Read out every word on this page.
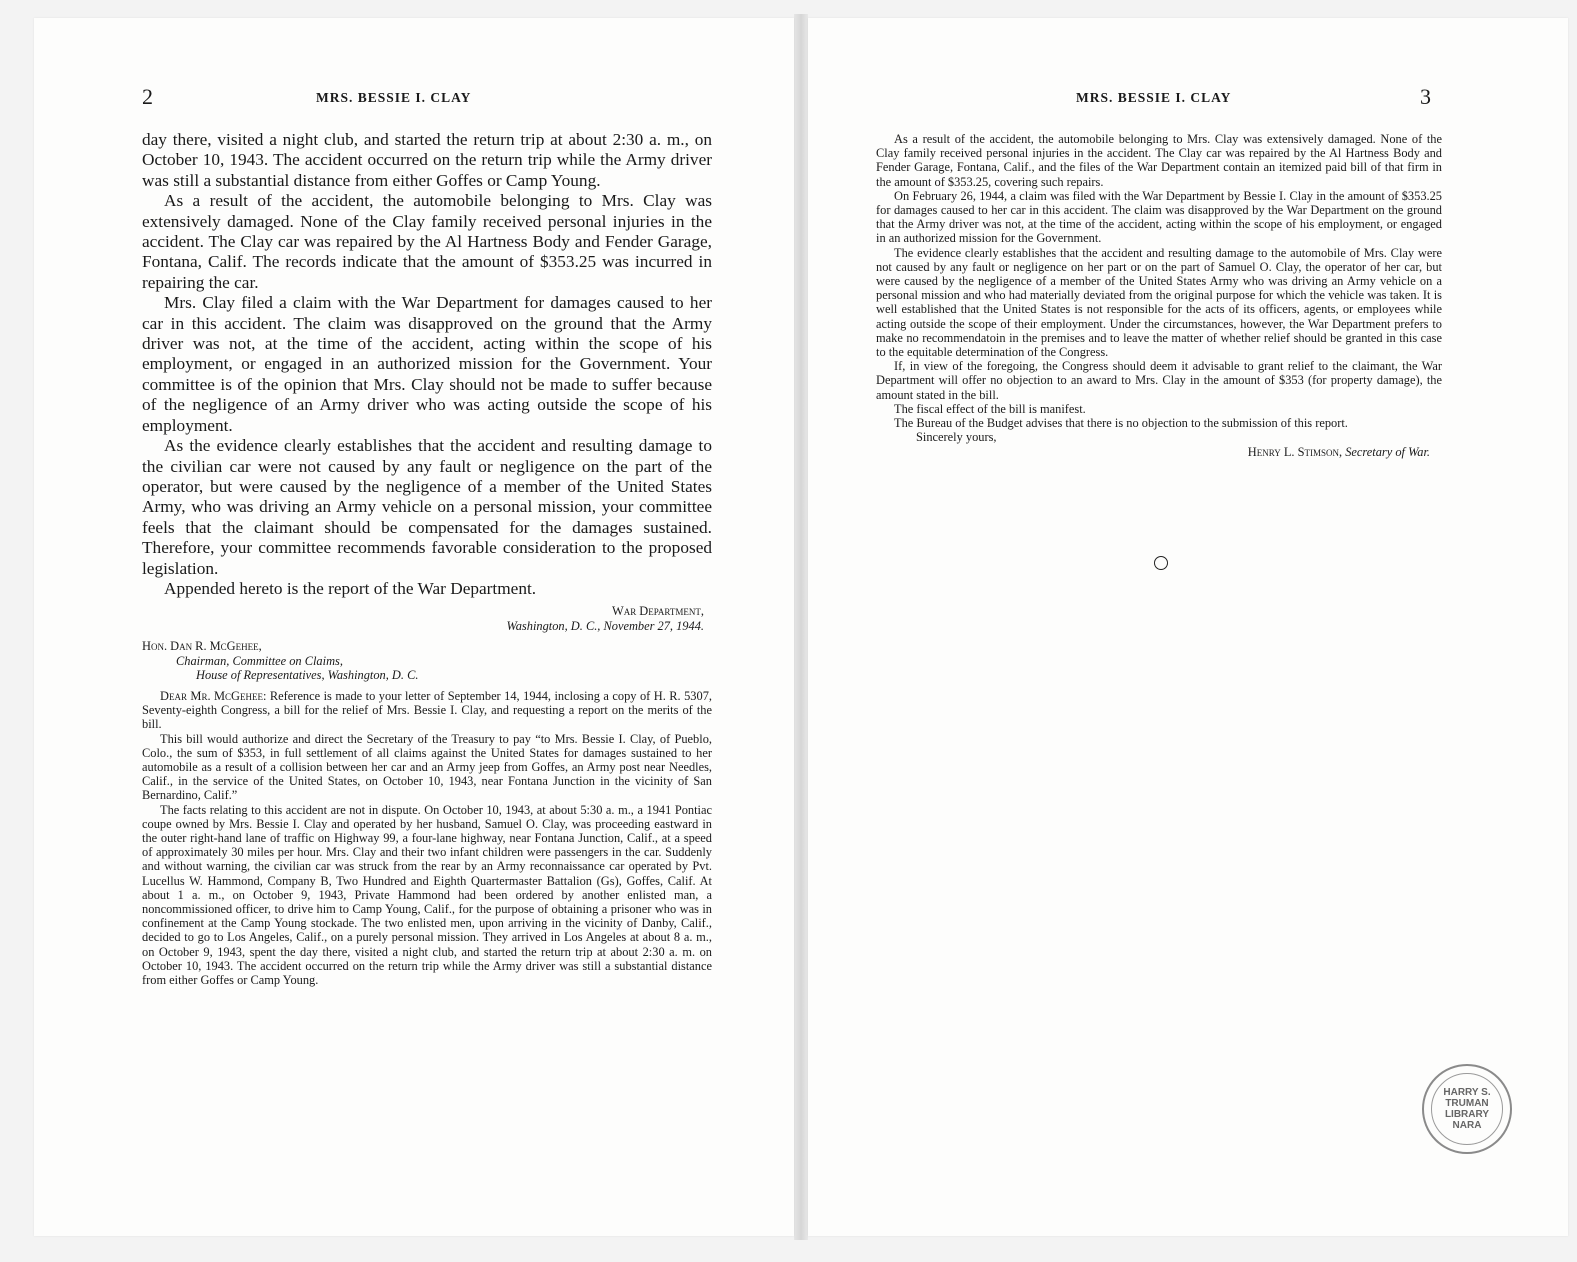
2	MRS. BESSIE I. CLAY

day there, visited a night club, and started the return trip at about 2:30 a. m., on October 10, 1943. The accident occurred on the return trip while the Army driver was still a substantial distance from either Goffes or Camp Young.

As a result of the accident, the automobile belonging to Mrs. Clay was extensively damaged. None of the Clay family received personal injuries in the accident. The Clay car was repaired by the Al Hartness Body and Fender Garage, Fontana, Calif. The records indicate that the amount of $353.25 was incurred in repairing the car.

Mrs. Clay filed a claim with the War Department for damages caused to her car in this accident. The claim was disapproved on the ground that the Army driver was not, at the time of the accident, acting within the scope of his employment, or engaged in an authorized mission for the Government. Your committee is of the opinion that Mrs. Clay should not be made to suffer because of the negligence of an Army driver who was acting outside the scope of his employment.

As the evidence clearly establishes that the accident and resulting damage to the civilian car were not caused by any fault or negligence on the part of the operator, but were caused by the negligence of a member of the United States Army, who was driving an Army vehicle on a personal mission, your committee feels that the claimant should be compensated for the damages sustained. Therefore, your committee recommends favorable consideration to the proposed legislation.

Appended hereto is the report of the War Department.

War Department,
Washington, D. C., November 27, 1944.
Hon. Dan R. McGehee,
Chairman, Committee on Claims,
House of Representatives, Washington, D. C.

Dear Mr. McGehee: Reference is made to your letter of September 14, 1944, inclosing a copy of H. R. 5307, Seventy-eighth Congress, a bill for the relief of Mrs. Bessie I. Clay, and requesting a report on the merits of the bill.

This bill would authorize and direct the Secretary of the Treasury to pay “to Mrs. Bessie I. Clay, of Pueblo, Colo., the sum of $353, in full settlement of all claims against the United States for damages sustained to her automobile as a result of a collision between her car and an Army jeep from Goffes, an Army post near Needles, Calif., in the service of the United States, on October 10, 1943, near Fontana Junction in the vicinity of San Bernardino, Calif.”

The facts relating to this accident are not in dispute. On October 10, 1943, at about 5:30 a. m., a 1941 Pontiac coupe owned by Mrs. Bessie I. Clay and operated by her husband, Samuel O. Clay, was proceeding eastward in the outer right-hand lane of traffic on Highway 99, a four-lane highway, near Fontana Junction, Calif., at a speed of approximately 30 miles per hour. Mrs. Clay and their two infant children were passengers in the car. Suddenly and without warning, the civilian car was struck from the rear by an Army reconnaissance car operated by Pvt. Lucellus W. Hammond, Company B, Two Hundred and Eighth Quartermaster Battalion (Gs), Goffes, Calif. At about 1 a. m., on October 9, 1943, Private Hammond had been ordered by another enlisted man, a noncommissioned officer, to drive him to Camp Young, Calif., for the purpose of obtaining a prisoner who was in confinement at the Camp Young stockade. The two enlisted men, upon arriving in the vicinity of Danby, Calif., decided to go to Los Angeles, Calif., on a purely personal mission. They arrived in Los Angeles at about 8 a. m., on October 9, 1943, spent the day there, visited a night club, and started the return trip at about 2:30 a. m. on October 10, 1943. The accident occurred on the return trip while the Army driver was still a substantial distance from either Goffes or Camp Young.

MRS. BESSIE I. CLAY	3

As a result of the accident, the automobile belonging to Mrs. Clay was extensively damaged. None of the Clay family received personal injuries in the accident. The Clay car was repaired by the Al Hartness Body and Fender Garage, Fontana, Calif., and the files of the War Department contain an itemized paid bill of that firm in the amount of $353.25, covering such repairs.

On February 26, 1944, a claim was filed with the War Department by Bessie I. Clay in the amount of $353.25 for damages caused to her car in this accident. The claim was disapproved by the War Department on the ground that the Army driver was not, at the time of the accident, acting within the scope of his employment, or engaged in an authorized mission for the Government.

The evidence clearly establishes that the accident and resulting damage to the automobile of Mrs. Clay were not caused by any fault or negligence on her part or on the part of Samuel O. Clay, the operator of her car, but were caused by the negligence of a member of the United States Army who was driving an Army vehicle on a personal mission and who had materially deviated from the original purpose for which the vehicle was taken. It is well established that the United States is not responsible for the acts of its officers, agents, or employees while acting outside the scope of their employment. Under the circumstances, however, the War Department prefers to make no recommendatoin in the premises and to leave the matter of whether relief should be granted in this case to the equitable determination of the Congress.

If, in view of the foregoing, the Congress should deem it advisable to grant relief to the claimant, the War Department will offer no objection to an award to Mrs. Clay in the amount of $353 (for property damage), the amount stated in the bill.

The fiscal effect of the bill is manifest.

The Bureau of the Budget advises that there is no objection to the submission of this report.

Sincerely yours,
Henry L. Stimson, Secretary of War.
HARRY S. TRUMAN LIBRARY NARA
